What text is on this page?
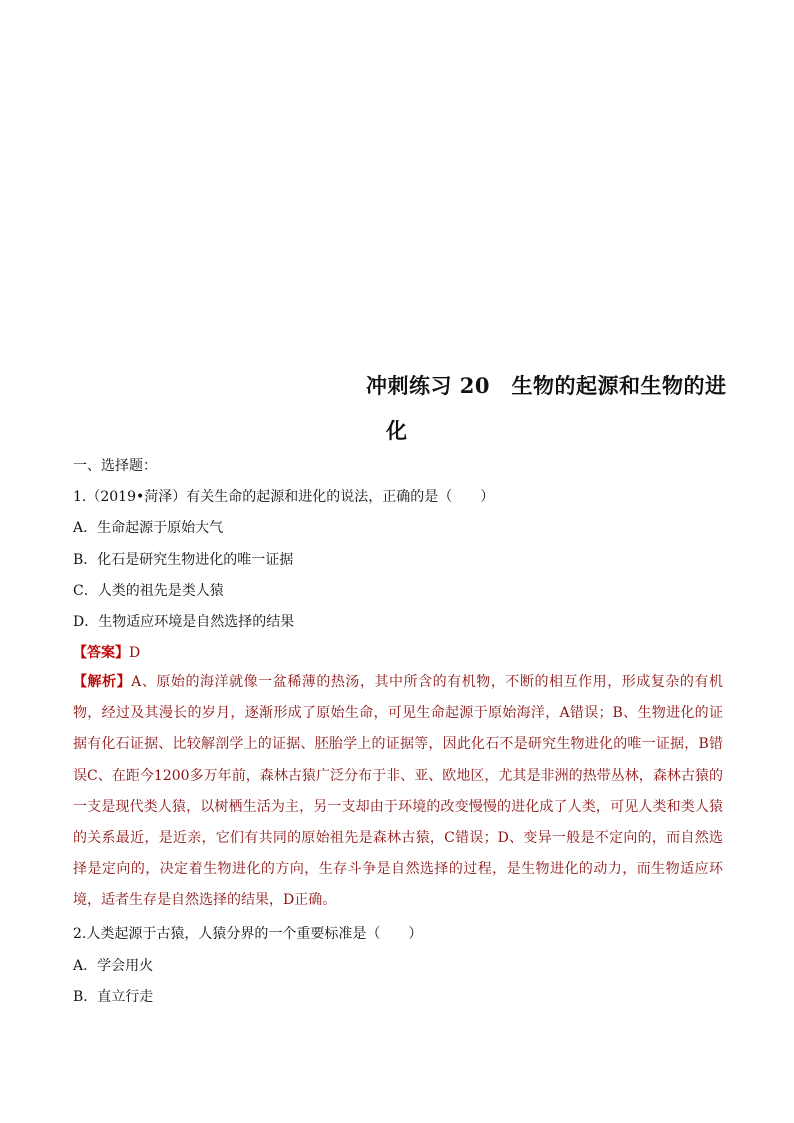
冲刺练习 20　生物的起源和生物的进
化
一、选择题：
1.（2019•菏泽）有关生命的起源和进化的说法，正确的是（　　）
A．生命起源于原始大气
B．化石是研究生物进化的唯一证据
C．人类的祖先是类人猿
D．生物适应环境是自然选择的结果
【答案】D
【解析】A、原始的海洋就像一盆稀薄的热汤，其中所含的有机物，不断的相互作用，形成复杂的有机物，经过及其漫长的岁月，逐渐形成了原始生命，可见生命起源于原始海洋，A错误；B、生物进化的证据有化石证据、比较解剖学上的证据、胚胎学上的证据等，因此化石不是研究生物进化的唯一证据，B错误C、在距今1200多万年前，森林古猿广泛分布于非、亚、欧地区，尤其是非洲的热带丛林，森林古猿的一支是现代类人猿，以树栖生活为主，另一支却由于环境的改变慢慢的进化成了人类，可见人类和类人猿的关系最近，是近亲，它们有共同的原始祖先是森林古猿，C错误；D、变异一般是不定向的，而自然选择是定向的，决定着生物进化的方向，生存斗争是自然选择的过程，是生物进化的动力，而生物适应环境，适者生存是自然选择的结果，D正确。
2.人类起源于古猿，人猿分界的一个重要标准是（　　）
A．学会用火
B．直立行走
